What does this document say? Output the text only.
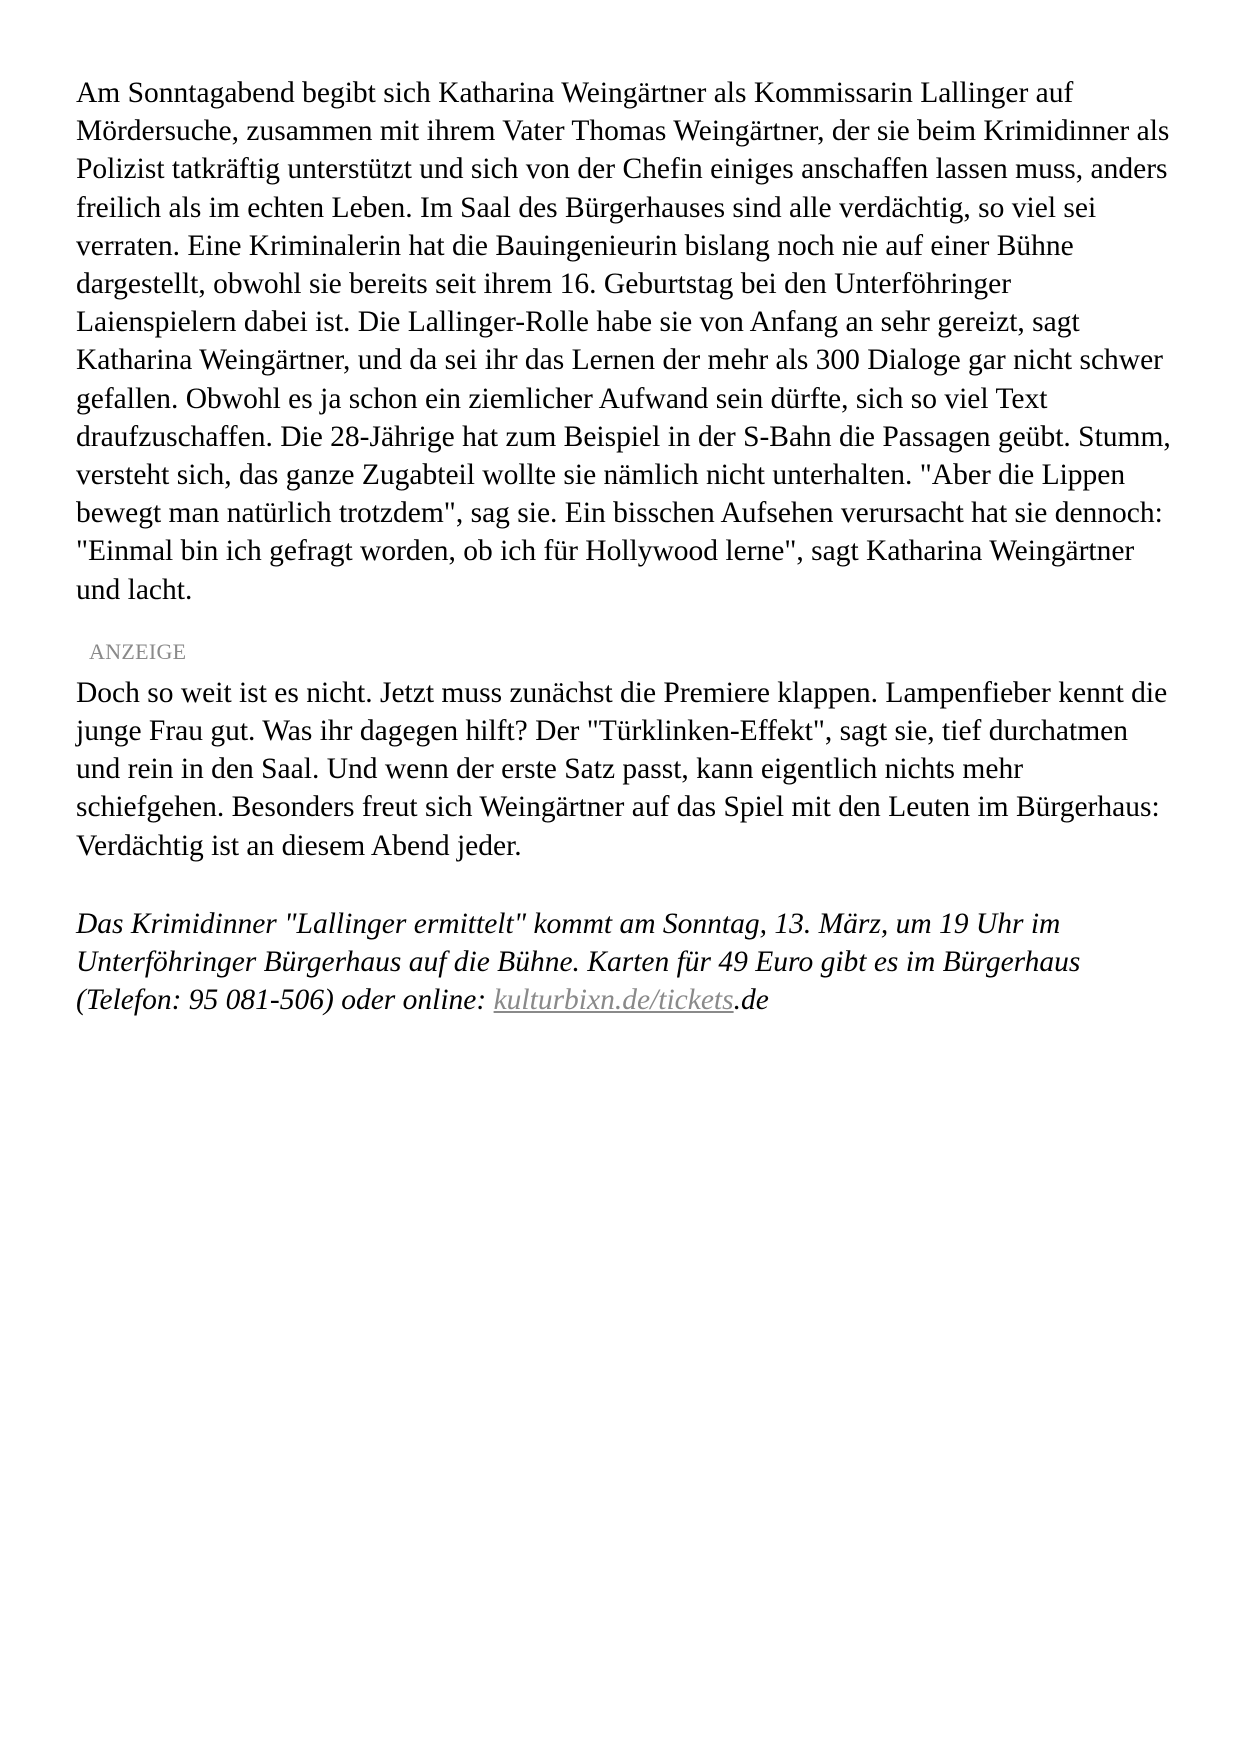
Am Sonntagabend begibt sich Katharina Weingärtner als Kommissarin Lallinger auf Mördersuche, zusammen mit ihrem Vater Thomas Weingärtner, der sie beim Krimidinner als Polizist tatkräftig unterstützt und sich von der Chefin einiges anschaffen lassen muss, anders freilich als im echten Leben. Im Saal des Bürgerhauses sind alle verdächtig, so viel sei verraten. Eine Kriminalerin hat die Bauingenieurin bislang noch nie auf einer Bühne dargestellt, obwohl sie bereits seit ihrem 16. Geburtstag bei den Unterföhringer Laienspielern dabei ist. Die Lallinger-Rolle habe sie von Anfang an sehr gereizt, sagt Katharina Weingärtner, und da sei ihr das Lernen der mehr als 300 Dialoge gar nicht schwer gefallen. Obwohl es ja schon ein ziemlicher Aufwand sein dürfte, sich so viel Text draufzuschaffen. Die 28-Jährige hat zum Beispiel in der S-Bahn die Passagen geübt. Stumm, versteht sich, das ganze Zugabteil wollte sie nämlich nicht unterhalten. "Aber die Lippen bewegt man natürlich trotzdem", sag sie. Ein bisschen Aufsehen verursacht hat sie dennoch: "Einmal bin ich gefragt worden, ob ich für Hollywood lerne", sagt Katharina Weingärtner und lacht.

ANZEIGE

Doch so weit ist es nicht. Jetzt muss zunächst die Premiere klappen. Lampenfieber kennt die junge Frau gut. Was ihr dagegen hilft? Der "Türklinken-Effekt", sagt sie, tief durchatmen und rein in den Saal. Und wenn der erste Satz passt, kann eigentlich nichts mehr schiefgehen. Besonders freut sich Weingärtner auf das Spiel mit den Leuten im Bürgerhaus: Verdächtig ist an diesem Abend jeder.

Das Krimidinner "Lallinger ermittelt" kommt am Sonntag, 13. März, um 19 Uhr im Unterföhringer Bürgerhaus auf die Bühne. Karten für 49 Euro gibt es im Bürgerhaus (Telefon: 95 081-506) oder online: kulturbixn.de/tickets.de
